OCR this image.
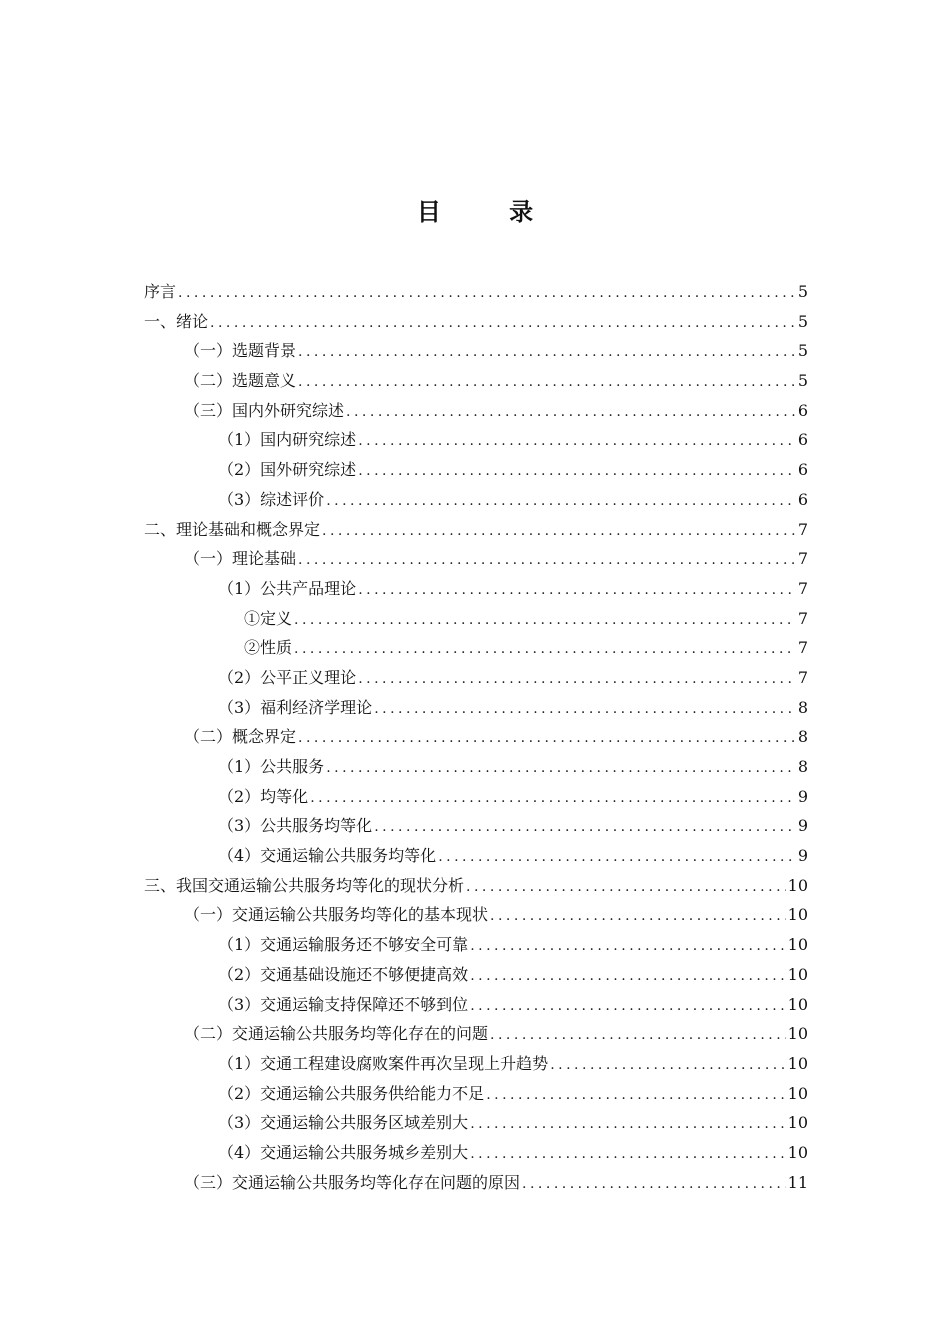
目 录
序言 .....	5
一、绪论 .....	5
（一）选题背景 .....	5
（二）选题意义 .....	5
（三）国内外研究综述 .....	6
（1）国内研究综述 .....	6
（2）国外研究综述 .....	6
（3）综述评价 .....	6
二、理论基础和概念界定 .....	7
（一）理论基础 .....	7
（1）公共产品理论 .....	7
①定义 .....	7
②性质 .....	7
（2）公平正义理论 .....	7
（3）福利经济学理论 .....	8
（二）概念界定 .....	8
（1）公共服务 .....	8
（2）均等化 .....	9
（3）公共服务均等化 .....	9
（4）交通运输公共服务均等化 .....	9
三、我国交通运输公共服务均等化的现状分析 .....	10
（一）交通运输公共服务均等化的基本现状 .....	10
（1）交通运输服务还不够安全可靠 .....	10
（2）交通基础设施还不够便捷高效 .....	10
（3）交通运输支持保障还不够到位 .....	10
（二）交通运输公共服务均等化存在的问题 .....	10
（1）交通工程建设腐败案件再次呈现上升趋势 .....	10
（2）交通运输公共服务供给能力不足 .....	10
（3）交通运输公共服务区域差别大 .....	10
（4）交通运输公共服务城乡差别大 .....	10
（三）交通运输公共服务均等化存在问题的原因 .....	11
